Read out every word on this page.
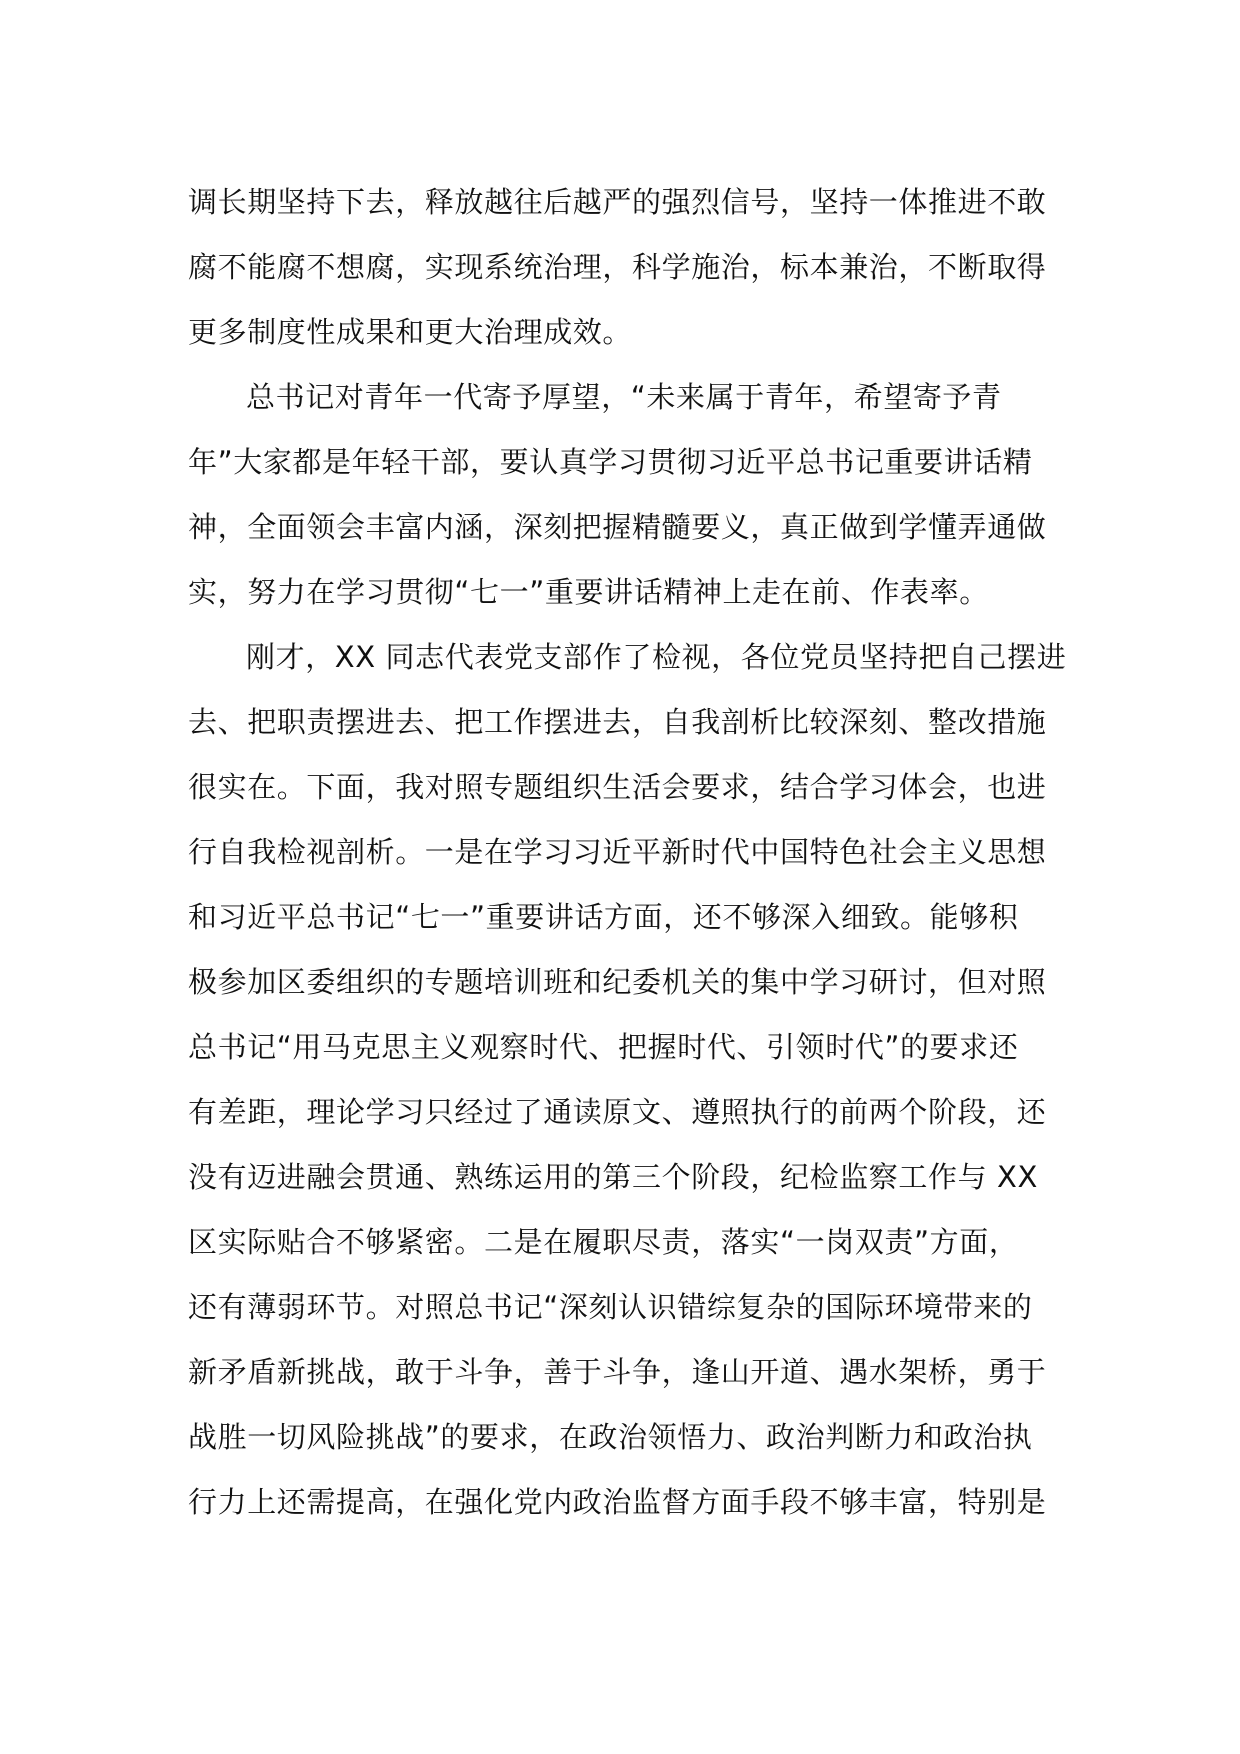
调长期坚持下去，释放越往后越严的强烈信号，坚持一体推进不敢
腐不能腐不想腐，实现系统治理，科学施治，标本兼治，不断取得
更多制度性成果和更大治理成效。
总书记对青年一代寄予厚望，“未来属于青年，希望寄予青
年”大家都是年轻干部，要认真学习贯彻习近平总书记重要讲话精
神，全面领会丰富内涵，深刻把握精髓要义，真正做到学懂弄通做
实，努力在学习贯彻“七一”重要讲话精神上走在前、作表率。
刚才，XX 同志代表党支部作了检视，各位党员坚持把自己摆进
去、把职责摆进去、把工作摆进去，自我剖析比较深刻、整改措施
很实在。下面，我对照专题组织生活会要求，结合学习体会，也进
行自我检视剖析。一是在学习习近平新时代中国特色社会主义思想
和习近平总书记“七一”重要讲话方面，还不够深入细致。能够积
极参加区委组织的专题培训班和纪委机关的集中学习研讨，但对照
总书记“用马克思主义观察时代、把握时代、引领时代”的要求还
有差距，理论学习只经过了通读原文、遵照执行的前两个阶段，还
没有迈进融会贯通、熟练运用的第三个阶段，纪检监察工作与 XX
区实际贴合不够紧密。二是在履职尽责，落实“一岗双责”方面，
还有薄弱环节。对照总书记“深刻认识错综复杂的国际环境带来的
新矛盾新挑战，敢于斗争，善于斗争，逢山开道、遇水架桥，勇于
战胜一切风险挑战”的要求，在政治领悟力、政治判断力和政治执
行力上还需提高，在强化党内政治监督方面手段不够丰富，特别是
